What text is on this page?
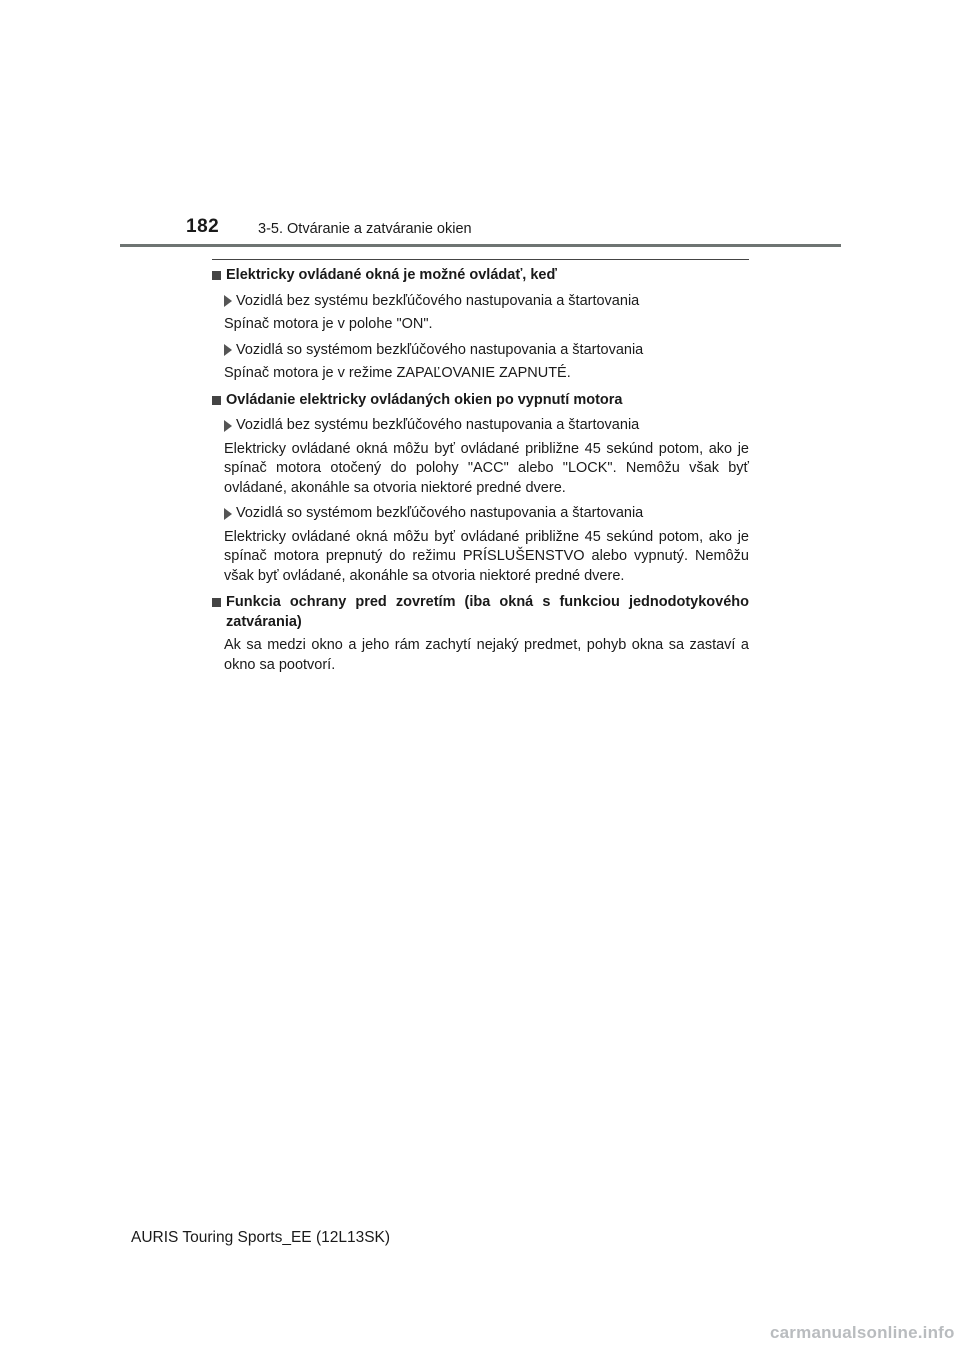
182	3-5. Otváranie a zatváranie okien
Elektricky ovládané okná je možné ovládať, keď
Vozidlá bez systému bezkľúčového nastupovania a štartovania
Spínač motora je v polohe "ON".
Vozidlá so systémom bezkľúčového nastupovania a štartovania
Spínač motora je v režime ZAPAĽOVANIE ZAPNUTÉ.
Ovládanie elektricky ovládaných okien po vypnutí motora
Vozidlá bez systému bezkľúčového nastupovania a štartovania
Elektricky ovládané okná môžu byť ovládané približne 45 sekúnd potom, ako je spínač motora otočený do polohy "ACC" alebo "LOCK". Nemôžu však byť ovládané, akonáhle sa otvoria niektoré predné dvere.
Vozidlá so systémom bezkľúčového nastupovania a štartovania
Elektricky ovládané okná môžu byť ovládané približne 45 sekúnd potom, ako je spínač motora prepnutý do režimu PRÍSLUŠENSTVO alebo vypnutý. Nemôžu však byť ovládané, akonáhle sa otvoria niektoré predné dvere.
Funkcia ochrany pred zovretím (iba okná s funkciou jednodotykového zatvárania)
Ak sa medzi okno a jeho rám zachytí nejaký predmet, pohyb okna sa zastaví a okno sa pootvorí.
AURIS Touring Sports_EE (12L13SK)
carmanualsonline.info
